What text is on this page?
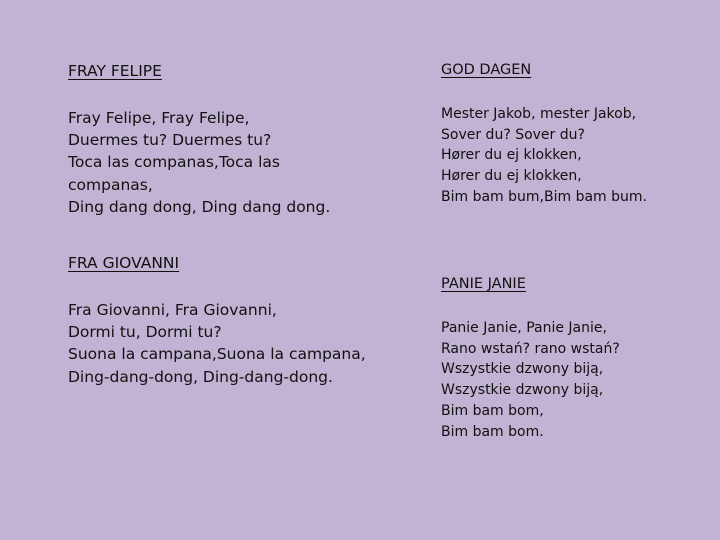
FRAY FELIPE
Fray Felipe, Fray Felipe,
Duermes tu? Duermes tu?
Toca las companas,Toca las
companas,
Ding dang dong, Ding dang dong.
FRA GIOVANNI
Fra Giovanni, Fra Giovanni,
Dormi tu, Dormi tu?
Suona la campana,Suona la campana,
Ding-dang-dong, Ding-dang-dong.
GOD DAGEN
Mester Jakob, mester Jakob,
Sover du? Sover du?
Hører du ej klokken,
Hører du ej klokken,
Bim bam bum,Bim bam bum.
PANIE JANIE
Panie Janie, Panie Janie,
Rano wstań? rano wstań?
Wszystkie dzwony biją,
Wszystkie dzwony biją,
Bim bam bom,
Bim bam bom.
